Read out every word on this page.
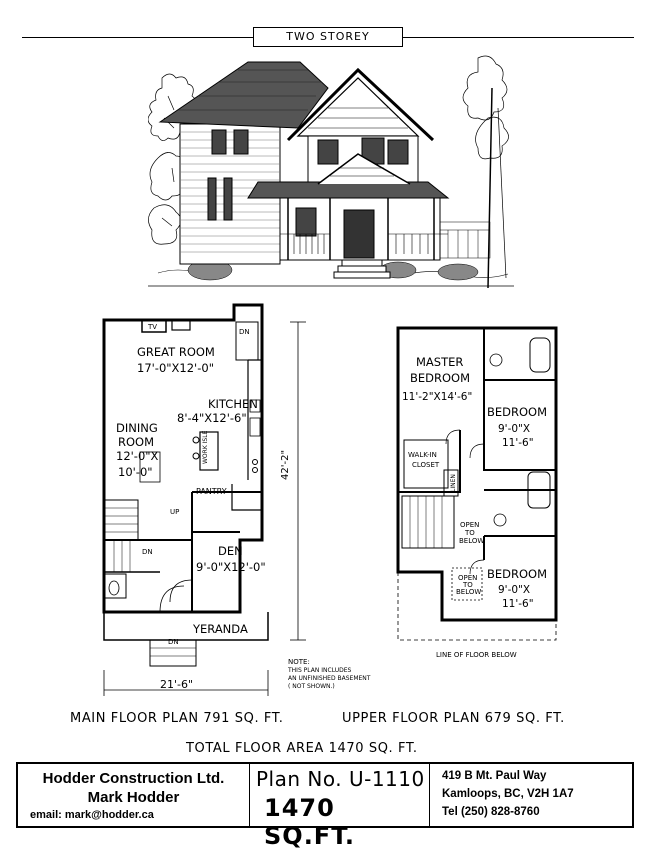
TWO STOREY
GREAT ROOM
17'-0"X12'-0"
KITCHEN
8'-4"X12'-6"
DINING
ROOM
12'-0"X
10'-0"
DEN
9'-0"X12'-0"
YERANDA
PANTRY
TV
DN
DN
UP
DN
WORK ISLE
42'-2"
21'-6"
NOTE:
THIS PLAN INCLUDES
AN UNFINISHED BASEMENT
( NOT SHOWN.)
MASTER
BEDROOM
11'-2"X14'-6"
BEDROOM
9'-0"X
11'-6"
BEDROOM
9'-0"X
11'-6"
WALK-IN
CLOSET
LINEN
OPEN
TO
BELOW
OPEN
TO
BELOW
LINE OF FLOOR BELOW
MAIN FLOOR PLAN 791 SQ. FT.	UPPER FLOOR PLAN 679 SQ. FT.
TOTAL FLOOR AREA 1470 SQ. FT.
Hodder Construction Ltd.
Mark Hodder
email: mark@hodder.ca
Plan No. U-1110
1470 SQ.FT.
419 B Mt. Paul Way
Kamloops, BC, V2H 1A7
Tel (250) 828-8760
